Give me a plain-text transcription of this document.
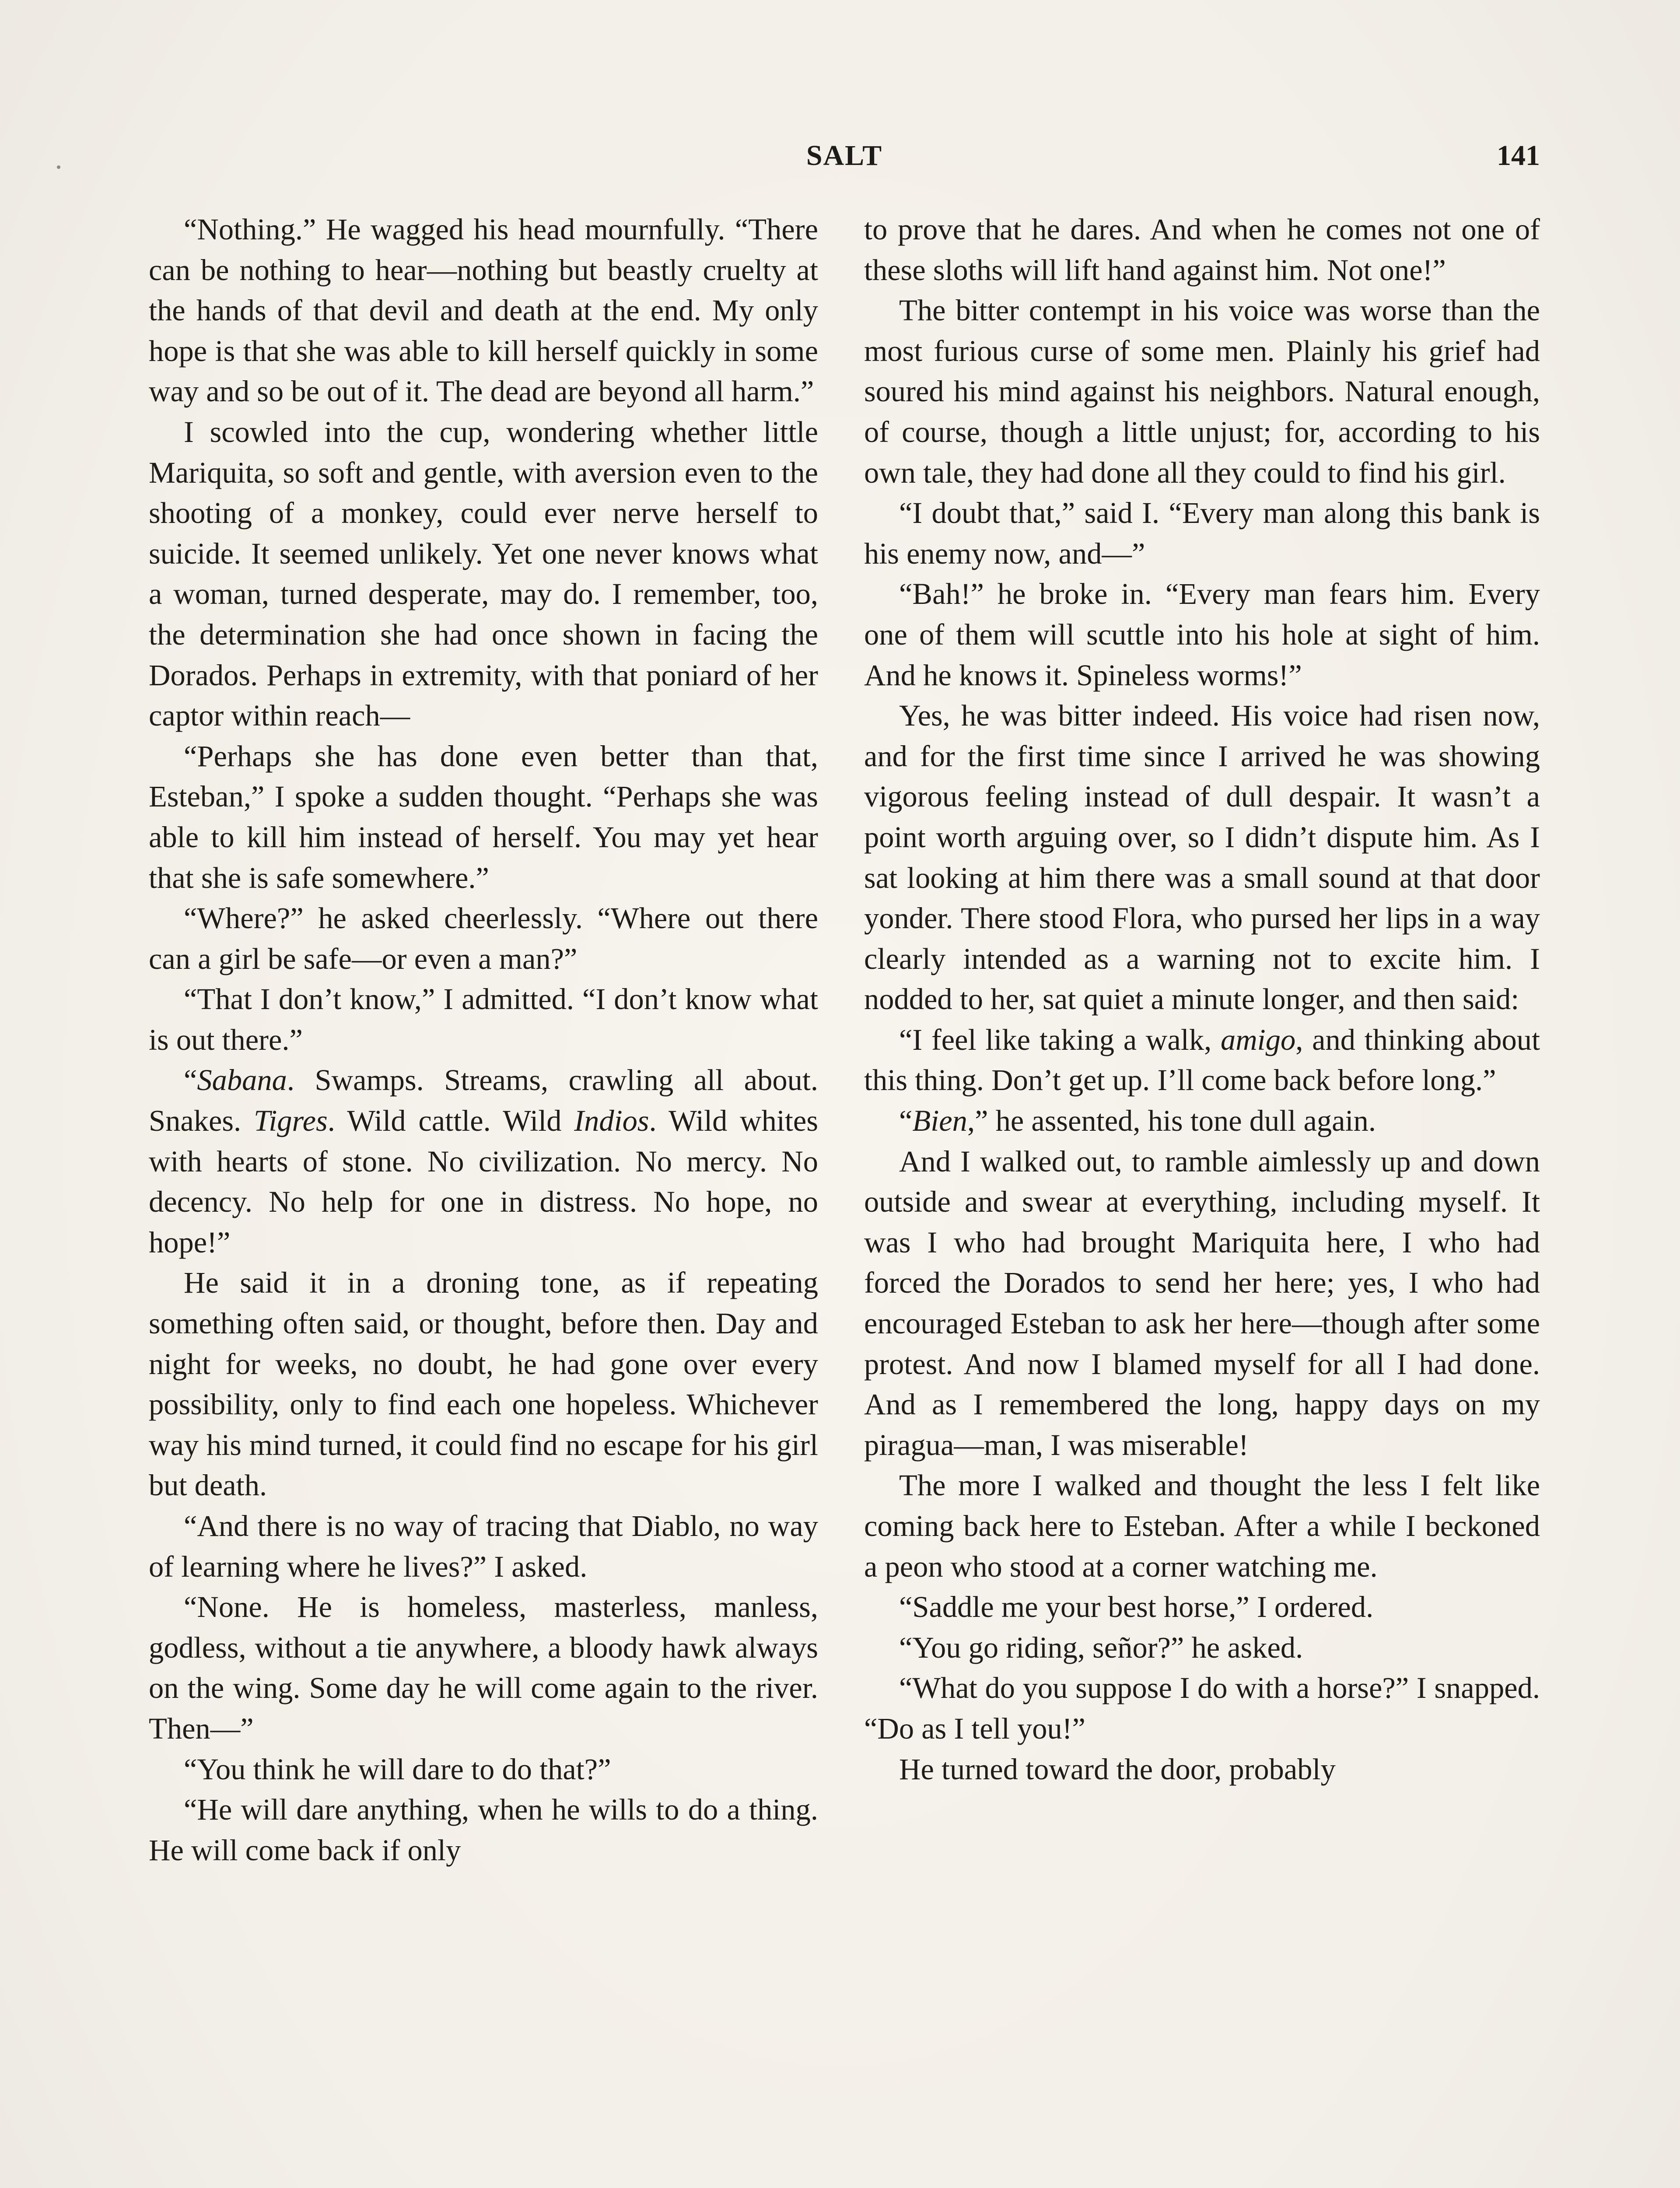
SALT	141

“Nothing.” He wagged his head mournfully. “There can be nothing to hear—nothing but beastly cruelty at the hands of that devil and death at the end. My only hope is that she was able to kill herself quickly in some way and so be out of it. The dead are beyond all harm.”

I scowled into the cup, wondering whether little Mariquita, so soft and gentle, with aversion even to the shooting of a monkey, could ever nerve herself to suicide. It seemed unlikely. Yet one never knows what a woman, turned desperate, may do. I remember, too, the determination she had once shown in facing the Dorados. Perhaps in extremity, with that poniard of her captor within reach—

“Perhaps she has done even better than that, Esteban,” I spoke a sudden thought. “Perhaps she was able to kill him instead of herself. You may yet hear that she is safe somewhere.”

“Where?” he asked cheerlessly. “Where out there can a girl be safe—or even a man?”

“That I don’t know,” I admitted. “I don’t know what is out there.”

“Sabana. Swamps. Streams, crawling all about. Snakes. Tigres. Wild cattle. Wild Indios. Wild whites with hearts of stone. No civilization. No mercy. No decency. No help for one in distress. No hope, no hope!”

He said it in a droning tone, as if repeating something often said, or thought, before then. Day and night for weeks, no doubt, he had gone over every possibility, only to find each one hopeless. Whichever way his mind turned, it could find no escape for his girl but death.

“And there is no way of tracing that Diablo, no way of learning where he lives?” I asked.

“None. He is homeless, masterless, manless, godless, without a tie anywhere, a bloody hawk always on the wing. Some day he will come again to the river. Then—”

“You think he will dare to do that?”

“He will dare anything, when he wills to do a thing. He will come back if only

to prove that he dares. And when he comes not one of these sloths will lift hand against him. Not one!”

The bitter contempt in his voice was worse than the most furious curse of some men. Plainly his grief had soured his mind against his neighbors. Natural enough, of course, though a little unjust; for, according to his own tale, they had done all they could to find his girl.

“I doubt that,” said I. “Every man along this bank is his enemy now, and—”

“Bah!” he broke in. “Every man fears him. Every one of them will scuttle into his hole at sight of him. And he knows it. Spineless worms!”

Yes, he was bitter indeed. His voice had risen now, and for the first time since I arrived he was showing vigorous feeling instead of dull despair. It wasn’t a point worth arguing over, so I didn’t dispute him. As I sat looking at him there was a small sound at that door yonder. There stood Flora, who pursed her lips in a way clearly intended as a warning not to excite him. I nodded to her, sat quiet a minute longer, and then said:

“I feel like taking a walk, amigo, and thinking about this thing. Don’t get up. I’ll come back before long.”

“Bien,” he assented, his tone dull again.

And I walked out, to ramble aimlessly up and down outside and swear at everything, including myself. It was I who had brought Mariquita here, I who had forced the Dorados to send her here; yes, I who had encouraged Esteban to ask her here—though after some protest. And now I blamed myself for all I had done. And as I remembered the long, happy days on my piragua—man, I was miserable!

The more I walked and thought the less I felt like coming back here to Esteban. After a while I beckoned a peon who stood at a corner watching me.

“Saddle me your best horse,” I ordered.

“You go riding, señor?” he asked.

“What do you suppose I do with a horse?” I snapped. “Do as I tell you!”

He turned toward the door, probably
